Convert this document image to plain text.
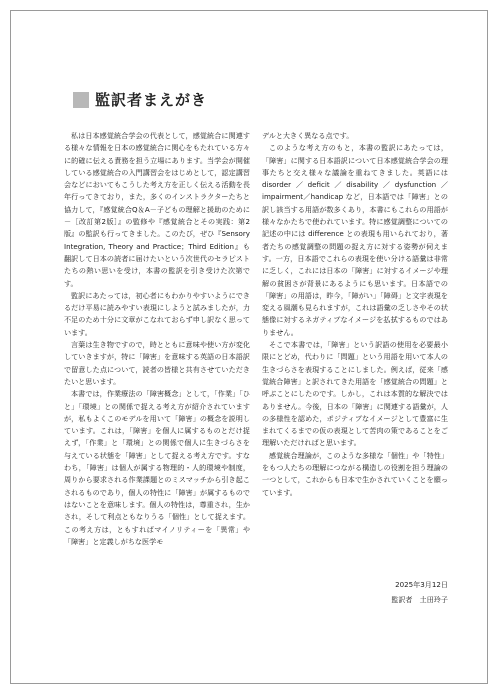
監訳者まえがき

私は日本感覚統合学会の代表として，感覚統合に関連する様々な情報を日本の感覚統合に関心をもたれている方々に的確に伝える責務を担う立場にあります。当学会が開催している感覚統合の入門講習会をはじめとして，認定講習会などにおいてもこうした考え方を正しく伝える活動を長年行ってきており，また，多くのインストラクターたちと協力して，『感覚統合Q＆A－子どもの理解と援助のために－［改訂第2版］』の監修や『感覚統合とその実践：第2版』の監訳も行ってきました。このたび，ぜひ『Sensory Integration, Theory and Practice；Third Edition』も翻訳して日本の読者に届けたいという次世代のセラピストたちの熱い思いを受け，本書の監訳を引き受けた次第です。

監訳にあたっては，初心者にもわかりやすいようにできるだけ平易に読みやすい表現にしようと試みましたが，力不足のため十分に文章がこなれておらず申し訳なく思っています。

言葉は生き物ですので，時とともに意味や使い方が変化していきますが，特に「障害」を意味する英語の日本語訳で留意した点について，読者の皆様と共有させていただきたいと思います。

本書では，作業療法の「障害概念」として，「作業」「ひと」「環境」との関係で捉える考え方が紹介されていますが，私もよくこのモデルを用いて「障害」の概念を説明しています。これは，「障害」を個人に属するものとだけ捉えず，「作業」と「環境」との関係で個人に生きづらさを与えている状態を「障害」として捉える考え方です。すなわち，「障害」は個人が属する物理的・人的環境や制度，周りから要求される作業課題とのミスマッチから引き起こされるものであり，個人の特性に「障害」が属するものではないことを意味します。個人の特性は，尊重され，生かされ，そして利点ともなりうる「個性」として捉えます。この考え方は，ともすればマイノリティーを「異常」や「障害」と定義しがちな医学モ

デルと大きく異なる点です。

このような考え方のもと，本書の監訳にあたっては，「障害」に関する日本語訳について日本感覚統合学会の理事たちと交え様々な議論を重ねてきました。英語には disorder／deficit／disability／dysfunction／impairment／handicap など，日本語では「障害」との訳し該当する用語が数多くあり，本書にもこれらの用語が様々なかたちで使われています。特に感覚調整についての記述の中には difference との表現も用いられており，著者たちの感覚調整の問題の捉え方に対する姿勢が伺えます。一方，日本語でこれらの表現を使い分ける語彙は非常に乏しく，これには日本の「障害」に対するイメージや理解の貧困さが背景にあるようにも思います。日本語での「障害」の用語は，昨今，「障がい」「障碍」と文字表現を変える風潮も見られますが，これは語彙の乏しさやその状態像に対するネガティブなイメージを払拭するものではありません。

そこで本書では，「障害」という訳語の使用を必要最小限にとどめ，代わりに「問題」という用語を用いて本人の生きづらさを表現することにしました。例えば，従来「感覚統合障害」と訳されてきた用語を「感覚統合の問題」と呼ぶことにしたのです。しかし，これは本質的な解決ではありません。今後，日本の「障害」に関連する語彙が，人の多様性を認めた，ポジティブなイメージとして豊富に生まれてくるまでの仮の表現として苦肉の策であることをご理解いただければと思います。

感覚統合理論が，このような多様な「個性」や「特性」をもつ人たちの理解につながる構造しの役割を担う理論の一つとして，これからも日本で生かされていくことを願っています。

2025年3月12日
監訳者　土田玲子
